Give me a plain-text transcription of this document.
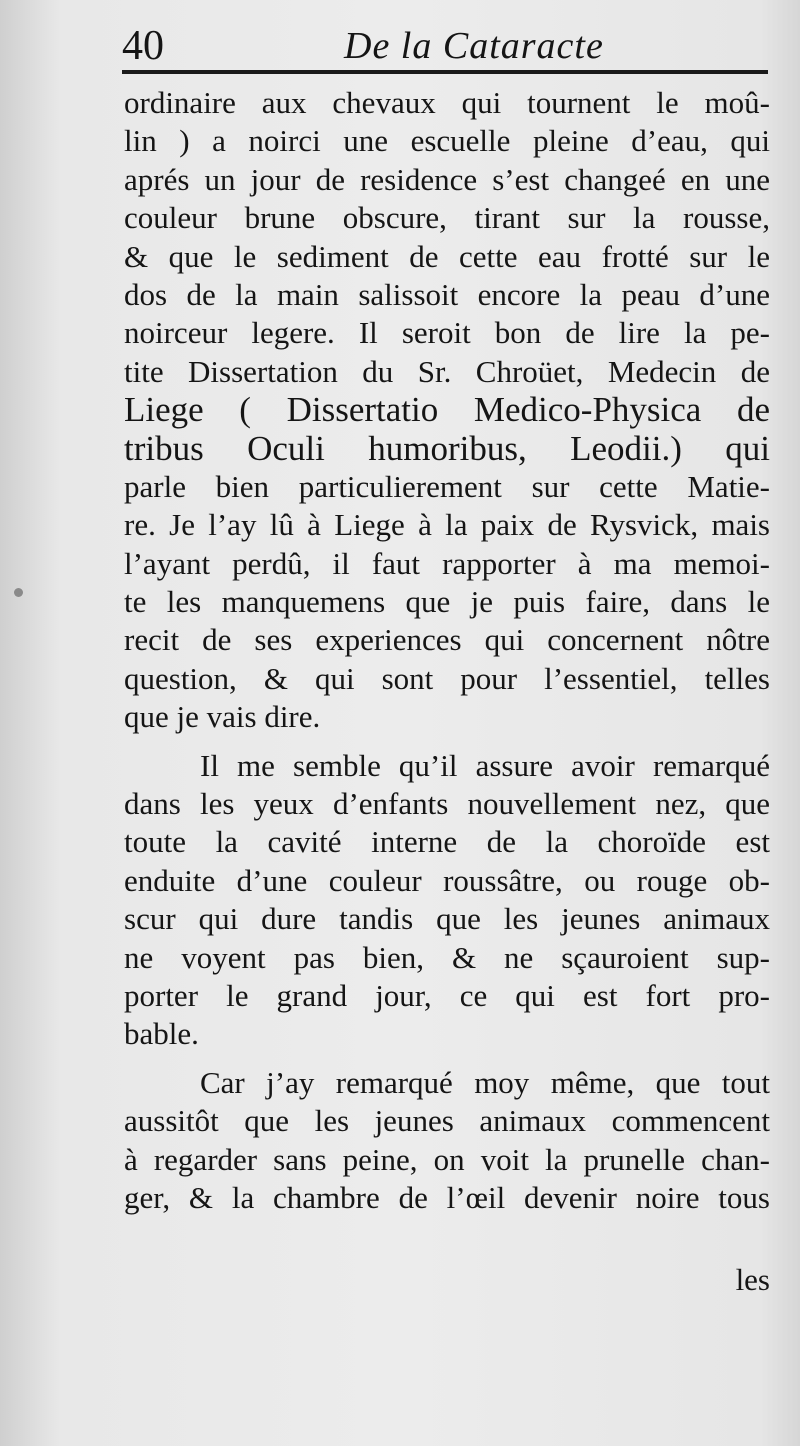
40	De la Cataracte
ordinaire aux chevaux qui tournent le moû-
lin ) a noirci une escuelle pleine d’eau, qui
aprés un jour de residence s’est changeé en une
couleur brune obscure, tirant sur la rousse,
& que le sediment de cette eau frotté sur le
dos de la main salissoit encore la peau d’une
noirceur legere. Il seroit bon de lire la pe-
tite Dissertation du Sr. Chroüet, Medecin de
Liege ( Dissertatio Medico-Physica de
tribus Oculi humoribus, Leodii.) qui
parle bien particulierement sur cette Matie-
re. Je l’ay lû à Liege à la paix de Rysvick, mais
l’ayant perdû, il faut rapporter à ma memoi-
te les manquemens que je puis faire, dans le
recit de ses experiences qui concernent nôtre
question, & qui sont pour l’essentiel, telles
que je vais dire.
Il me semble qu’il assure avoir remarqué
dans les yeux d’enfants nouvellement nez, que
toute la cavité interne de la choroïde est
enduite d’une couleur roussâtre, ou rouge ob-
scur qui dure tandis que les jeunes animaux
ne voyent pas bien, & ne sçauroient sup-
porter le grand jour, ce qui est fort pro-
bable.
Car j’ay remarqué moy même, que tout
aussitôt que les jeunes animaux commencent
à regarder sans peine, on voit la prunelle chan-
ger, & la chambre de l’œil devenir noire tous
les
